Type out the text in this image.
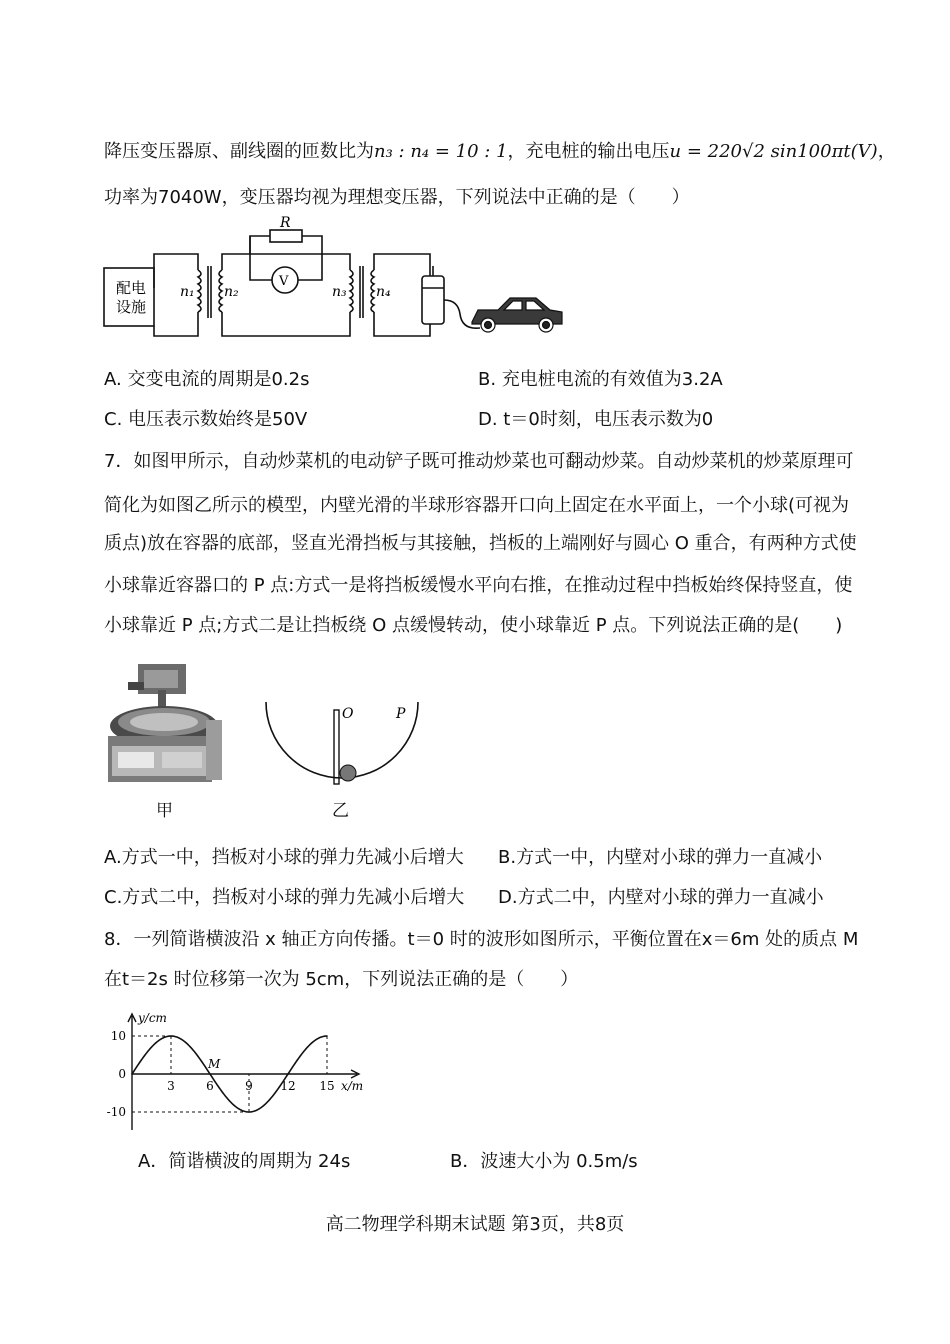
降压变压器原、副线圈的匝数比为n₃ : n₄ = 10 : 1，充电桩的输出电压u = 220√2 sin100πt(V)，
功率为7040W，变压器均视为理想变压器，下列说法中正确的是（　　）
配电
设施
n₁ n₂	n₃ n₄
R
V
A. 交变电流的周期是0.2s	B. 充电桩电流的有效值为3.2A
C. 电压表示数始终是50V	D. t＝0时刻，电压表示数为0
7．如图甲所示，自动炒菜机的电动铲子既可推动炒菜也可翻动炒菜。自动炒菜机的炒菜原理可
简化为如图乙所示的模型，内壁光滑的半球形容器开口向上固定在水平面上，一个小球(可视为
质点)放在容器的底部，竖直光滑挡板与其接触，挡板的上端刚好与圆心 O 重合，有两种方式使
小球靠近容器口的 P 点:方式一是将挡板缓慢水平向右推，在推动过程中挡板始终保持竖直，使
小球靠近 P 点;方式二是让挡板绕 O 点缓慢转动，使小球靠近 P 点。下列说法正确的是(　　)
甲
O	P
乙
A.方式一中，挡板对小球的弹力先减小后增大 B.方式一中，内壁对小球的弹力一直减小
C.方式二中，挡板对小球的弹力先减小后增大 D.方式二中，内壁对小球的弹力一直减小
8．一列简谐横波沿 x 轴正方向传播。t＝0 时的波形如图所示，平衡位置在x＝6m 处的质点 M
在t＝2s 时位移第一次为 5cm，下列说法正确的是（　　）
y/cm
x/m
10
0
-10
3	6	9 12 15
M
A．简谐横波的周期为 24s	B．波速大小为 0.5m/s
高二物理学科期末试题 第3页，共8页
